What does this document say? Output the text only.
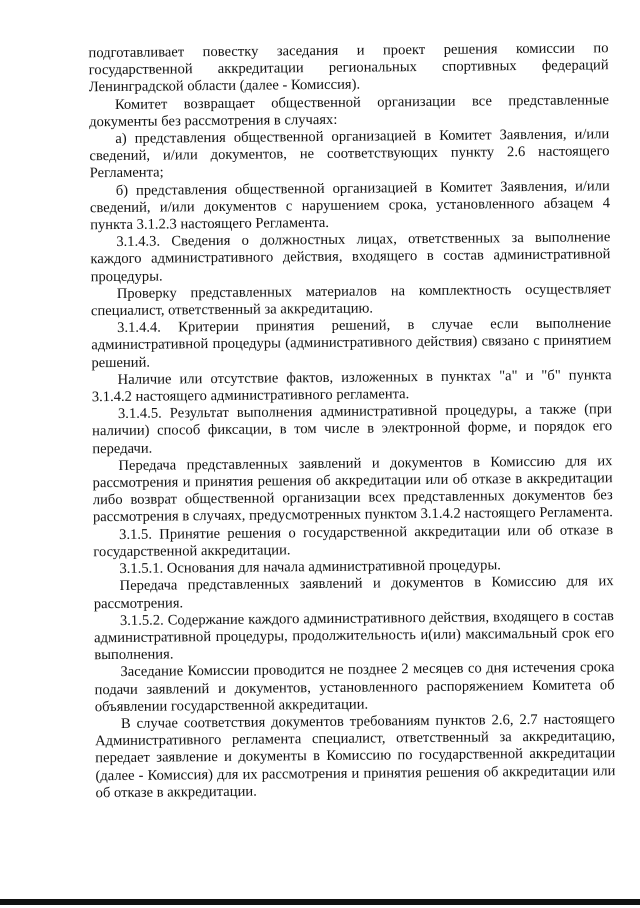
подготавливает повестку заседания и проект решения комиссии по государственной аккредитации региональных спортивных федераций Ленинградской области (далее - Комиссия).

Комитет возвращает общественной организации все представленные документы без рассмотрения в случаях:

а) представления общественной организацией в Комитет Заявления, и/или сведений, и/или документов, не соответствующих пункту 2.6 настоящего Регламента;

б) представления общественной организацией в Комитет Заявления, и/или сведений, и/или документов с нарушением срока, установленного абзацем 4 пункта 3.1.2.3 настоящего Регламента.

3.1.4.3. Сведения о должностных лицах, ответственных за выполнение каждого административного действия, входящего в состав административной процедуры.

Проверку представленных материалов на комплектность осуществляет специалист, ответственный за аккредитацию.

3.1.4.4. Критерии принятия решений, в случае если выполнение административной процедуры (административного действия) связано с принятием решений.

Наличие или отсутствие фактов, изложенных в пунктах "а" и "б" пункта 3.1.4.2 настоящего административного регламента.

3.1.4.5. Результат выполнения административной процедуры, а также (при наличии) способ фиксации, в том числе в электронной форме, и порядок его передачи.

Передача представленных заявлений и документов в Комиссию для их рассмотрения и принятия решения об аккредитации или об отказе в аккредитации либо возврат общественной организации всех представленных документов без рассмотрения в случаях, предусмотренных пунктом 3.1.4.2 настоящего Регламента.

3.1.5. Принятие решения о государственной аккредитации или об отказе в государственной аккредитации.

3.1.5.1. Основания для начала административной процедуры.

Передача представленных заявлений и документов в Комиссию для их рассмотрения.

3.1.5.2. Содержание каждого административного действия, входящего в состав административной процедуры, продолжительность и(или) максимальный срок его выполнения.

Заседание Комиссии проводится не позднее 2 месяцев со дня истечения срока подачи заявлений и документов, установленного распоряжением Комитета об объявлении государственной аккредитации.

В случае соответствия документов требованиям пунктов 2.6, 2.7 настоящего Административного регламента специалист, ответственный за аккредитацию, передает заявление и документы в Комиссию по государственной аккредитации (далее - Комиссия) для их рассмотрения и принятия решения об аккредитации или об отказе в аккредитации.
